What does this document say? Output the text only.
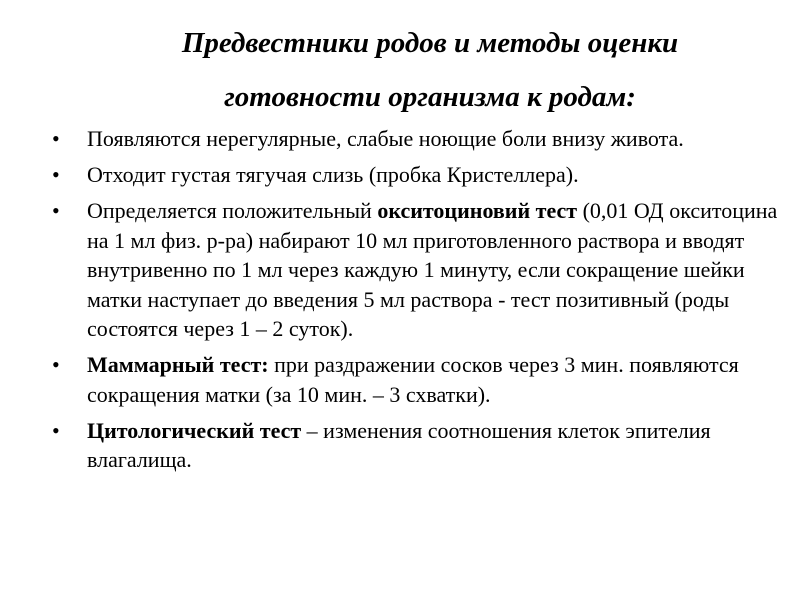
Предвестники родов и методы оценки
готовности организма к родам:
•	Появляются нерегулярные, слабые ноющие боли внизу живота.
•	Отходит густая тягучая слизь (пробка Кристеллера).
•	Определяется положительный окситоциновий тест (0,01 ОД окситоцина на 1 мл физ. р-ра) набирают 10 мл приготовленного раствора и вводят внутривенно по 1 мл через каждую 1 минуту, если сокращение шейки матки наступает до введения 5 мл раствора - тест позитивный (роды состоятся через 1 – 2 суток).
•	Маммарный тест: при раздражении сосков через 3 мин. появляются сокращения матки (за 10 мин. – 3 схватки).
•	Цитологический тест – изменения соотношения клеток эпителия влагалища.
